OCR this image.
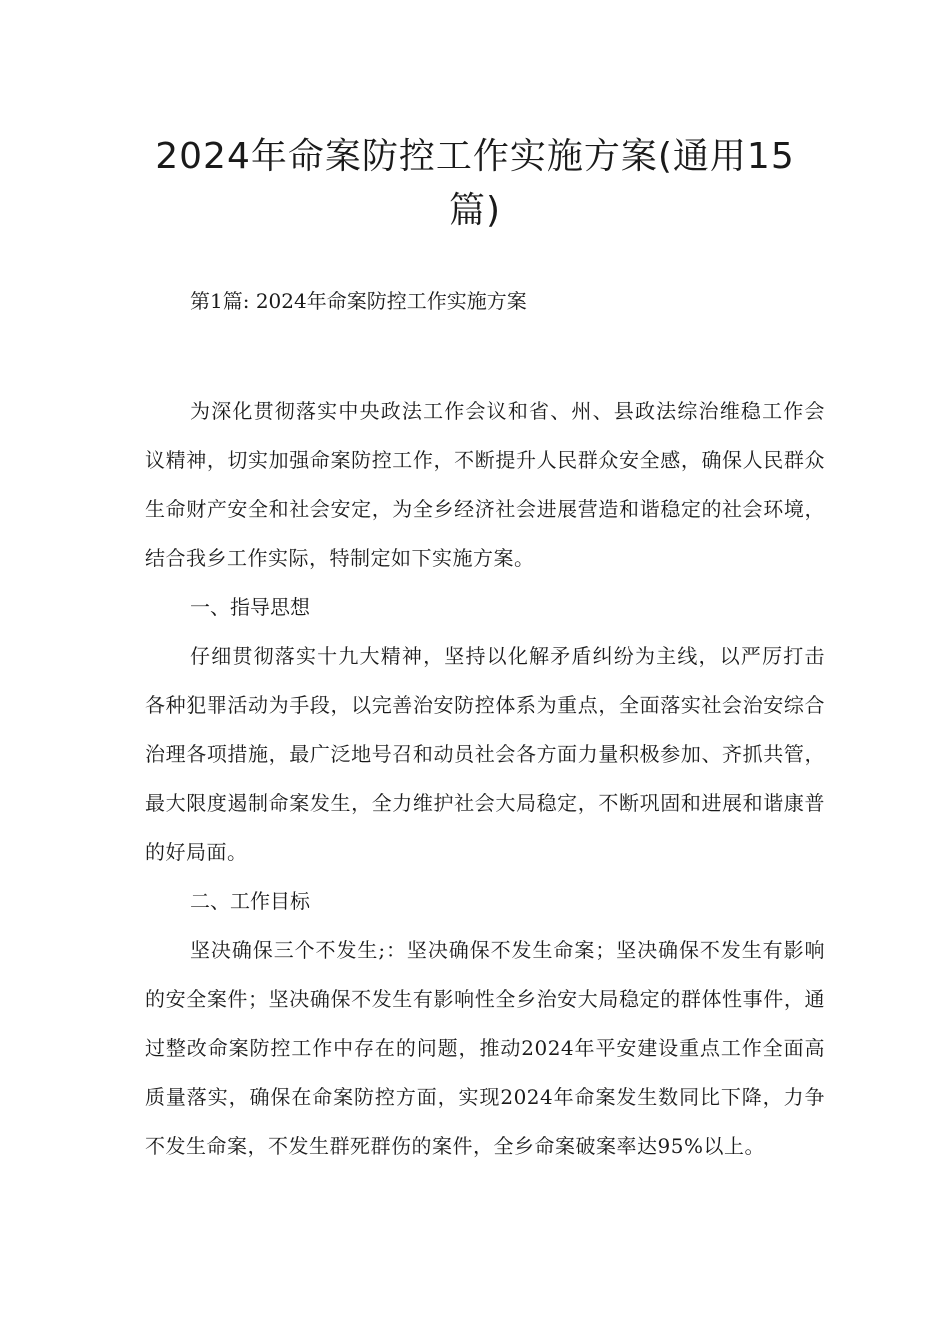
2024年命案防控工作实施方案(通用15
篇)

第1篇: 2024年命案防控工作实施方案

为深化贯彻落实中央政法工作会议和省、州、县政法综治维稳工作会议精神，切实加强命案防控工作，不断提升人民群众安全感，确保人民群众生命财产安全和社会安定，为全乡经济社会进展营造和谐稳定的社会环境，结合我乡工作实际，特制定如下实施方案。

一、指导思想

仔细贯彻落实十九大精神，坚持以化解矛盾纠纷为主线，以严厉打击各种犯罪活动为手段，以完善治安防控体系为重点，全面落实社会治安综合治理各项措施，最广泛地号召和动员社会各方面力量积极参加、齐抓共管，最大限度遏制命案发生，全力维护社会大局稳定，不断巩固和进展和谐康普的好局面。

二、工作目标

坚决确保三个不发生;：坚决确保不发生命案；坚决确保不发生有影响的安全案件；坚决确保不发生有影响性全乡治安大局稳定的群体性事件，通过整改命案防控工作中存在的问题，推动2024年平安建设重点工作全面高质量落实，确保在命案防控方面，实现2024年命案发生数同比下降，力争不发生命案，不发生群死群伤的案件，全乡命案破案率达95%以上。
